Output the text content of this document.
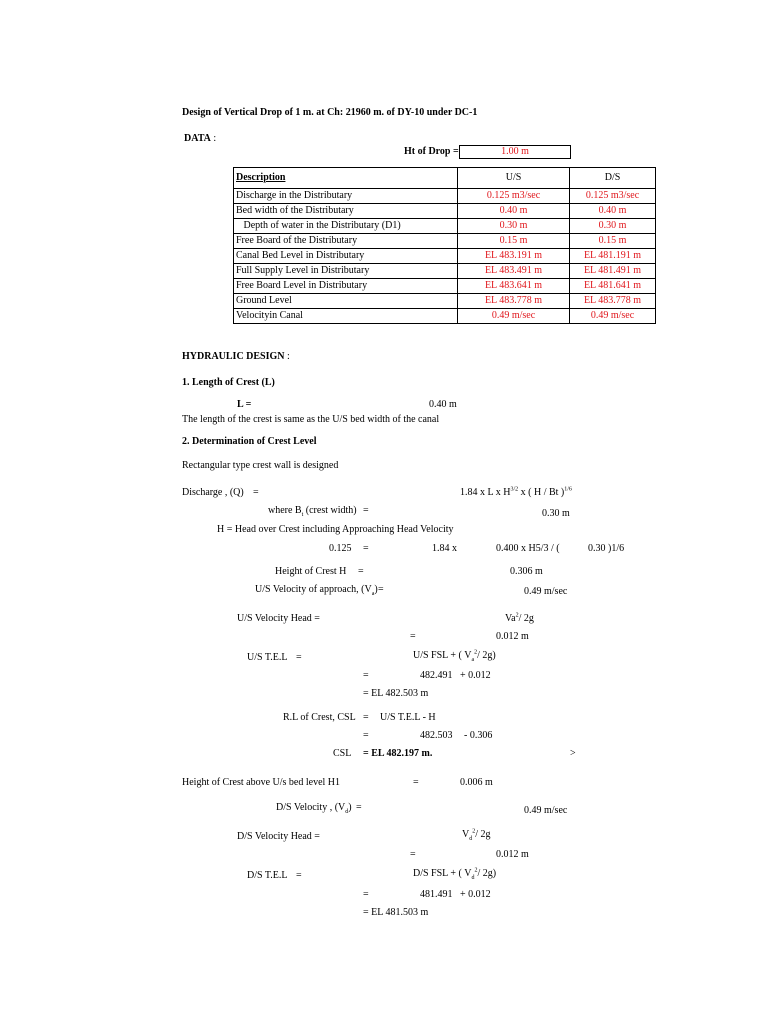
Design of Vertical Drop of 1 m. at Ch: 21960 m. of DY-10 under DC-1
DATA :
Ht of Drop =	1.00 m
Description	U/S	D/S
Discharge in the Distributary	0.125 m3/sec	0.125 m3/sec
Bed width of the Distributary	0.40 m	0.40 m
Depth of water in the Distributary (D1)	0.30 m	0.30 m
Free Board of the Distributary	0.15 m	0.15 m
Canal Bed Level in Distributary	EL 483.191 m	EL 481.191 m
Full Supply Level in Distributary	EL 483.491 m	EL 481.491 m
Free Board Level in Distributary	EL 483.641 m	EL 481.641 m
Ground Level	EL 483.778 m	EL 483.778 m
Velocityin Canal	0.49 m/sec	0.49 m/sec
HYDRAULIC DESIGN :
1. Length of Crest (L)
L =	0.40 m
The length of the crest is same as the U/S bed width of the canal
2. Determination of Crest Level
Rectangular type crest wall is designed
Discharge , (Q) =	1.84 x L x $H^{3/2}$ x ( H / Bt )$^{1/6}$
where $B_t$ (crest width) =	0.30 m
H = Head over Crest including Approaching Head Velocity
0.125 =	1.84 x	0.400 x H5/3 / (	0.30 )1/6
Height of Crest H =	0.306 m
U/S Velocity of approach, $(V_a)$ =	0.49 m/sec
U/S Velocity Head =	$Va^2/$ 2g
=	0.012 m
U/S T.E.L =	U/S FSL + ( $V_a^2/$ 2g)
=	482.491 + 0.012
= EL 482.503 m
R.L of Crest, CSL = U/S T.E.L - H
=	482.503 - 0.306
CSL = EL 482.197 m.	>
Height of Crest above U/s bed level H1	=	0.006 m
D/S Velocity , $(V_d)$ =	0.49 m/sec
D/S Velocity Head =	$V_d^2/$ 2g
=	0.012 m
D/S T.E.L =	D/S FSL + ( $V_d^2/$ 2g)
=	481.491 + 0.012
= EL 481.503 m
